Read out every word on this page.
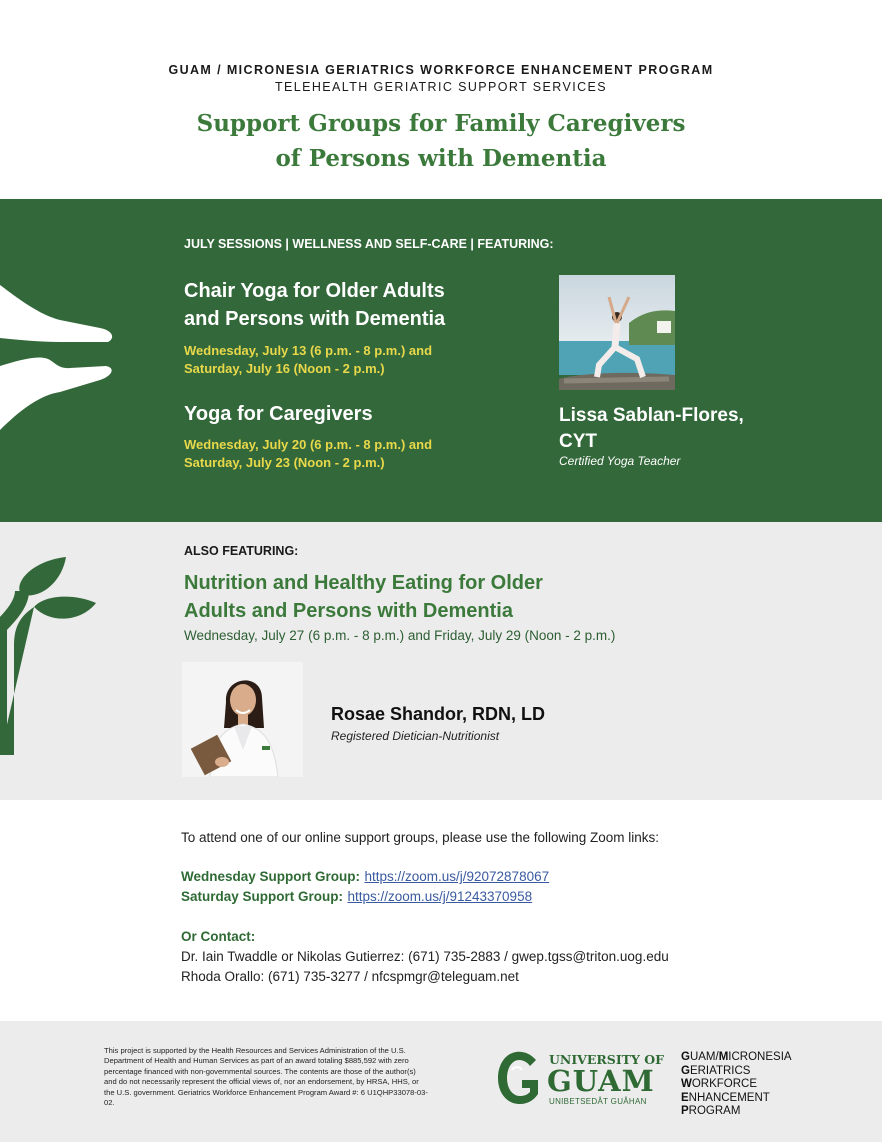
GUAM / MICRONESIA GERIATRICS WORKFORCE ENHANCEMENT PROGRAM
TELEHEALTH GERIATRIC SUPPORT SERVICES
Support Groups for Family Caregivers
of Persons with Dementia
JULY SESSIONS | WELLNESS AND SELF-CARE | FEATURING:
Chair Yoga for Older Adults
and Persons with Dementia
Wednesday, July 13 (6 p.m. - 8 p.m.) and
Saturday, July 16 (Noon - 2 p.m.)
Yoga for Caregivers
Wednesday, July 20 (6 p.m. - 8 p.m.) and
Saturday, July 23 (Noon - 2 p.m.)
Lissa Sablan-Flores,
CYT
Certified Yoga Teacher
ALSO FEATURING:
Nutrition and Healthy Eating for Older
Adults and Persons with Dementia
Wednesday, July 27 (6 p.m. - 8 p.m.) and Friday, July 29 (Noon - 2 p.m.)
Rosae Shandor, RDN, LD
Registered Dietician-Nutritionist
To attend one of our online support groups, please use the following Zoom links:
Wednesday Support Group: https://zoom.us/j/92072878067
Saturday Support Group: https://zoom.us/j/91243370958
Or Contact:
Dr. Iain Twaddle or Nikolas Gutierrez: (671) 735-2883 / gwep.tgss@triton.uog.edu
Rhoda Orallo: (671) 735-3277 / nfcspmgr@teleguam.net
This project is supported by the Health Resources and Services Administration of the U.S. Department of Health and Human Services as part of an award totaling $885,592 with zero percentage financed with non-governmental sources. The contents are those of the author(s) and do not necessarily represent the official views of, nor an endorsement, by HRSA, HHS, or the U.S. government. Geriatrics Workforce Enhancement Program Award #: 6 U1QHP33078-03-02.
UNIVERSITY OF
GUAM
UNIBETSEDÅT GUÅHAN
GUAM/MICRONESIA
GERIATRICS
WORKFORCE
ENHANCEMENT
PROGRAM
